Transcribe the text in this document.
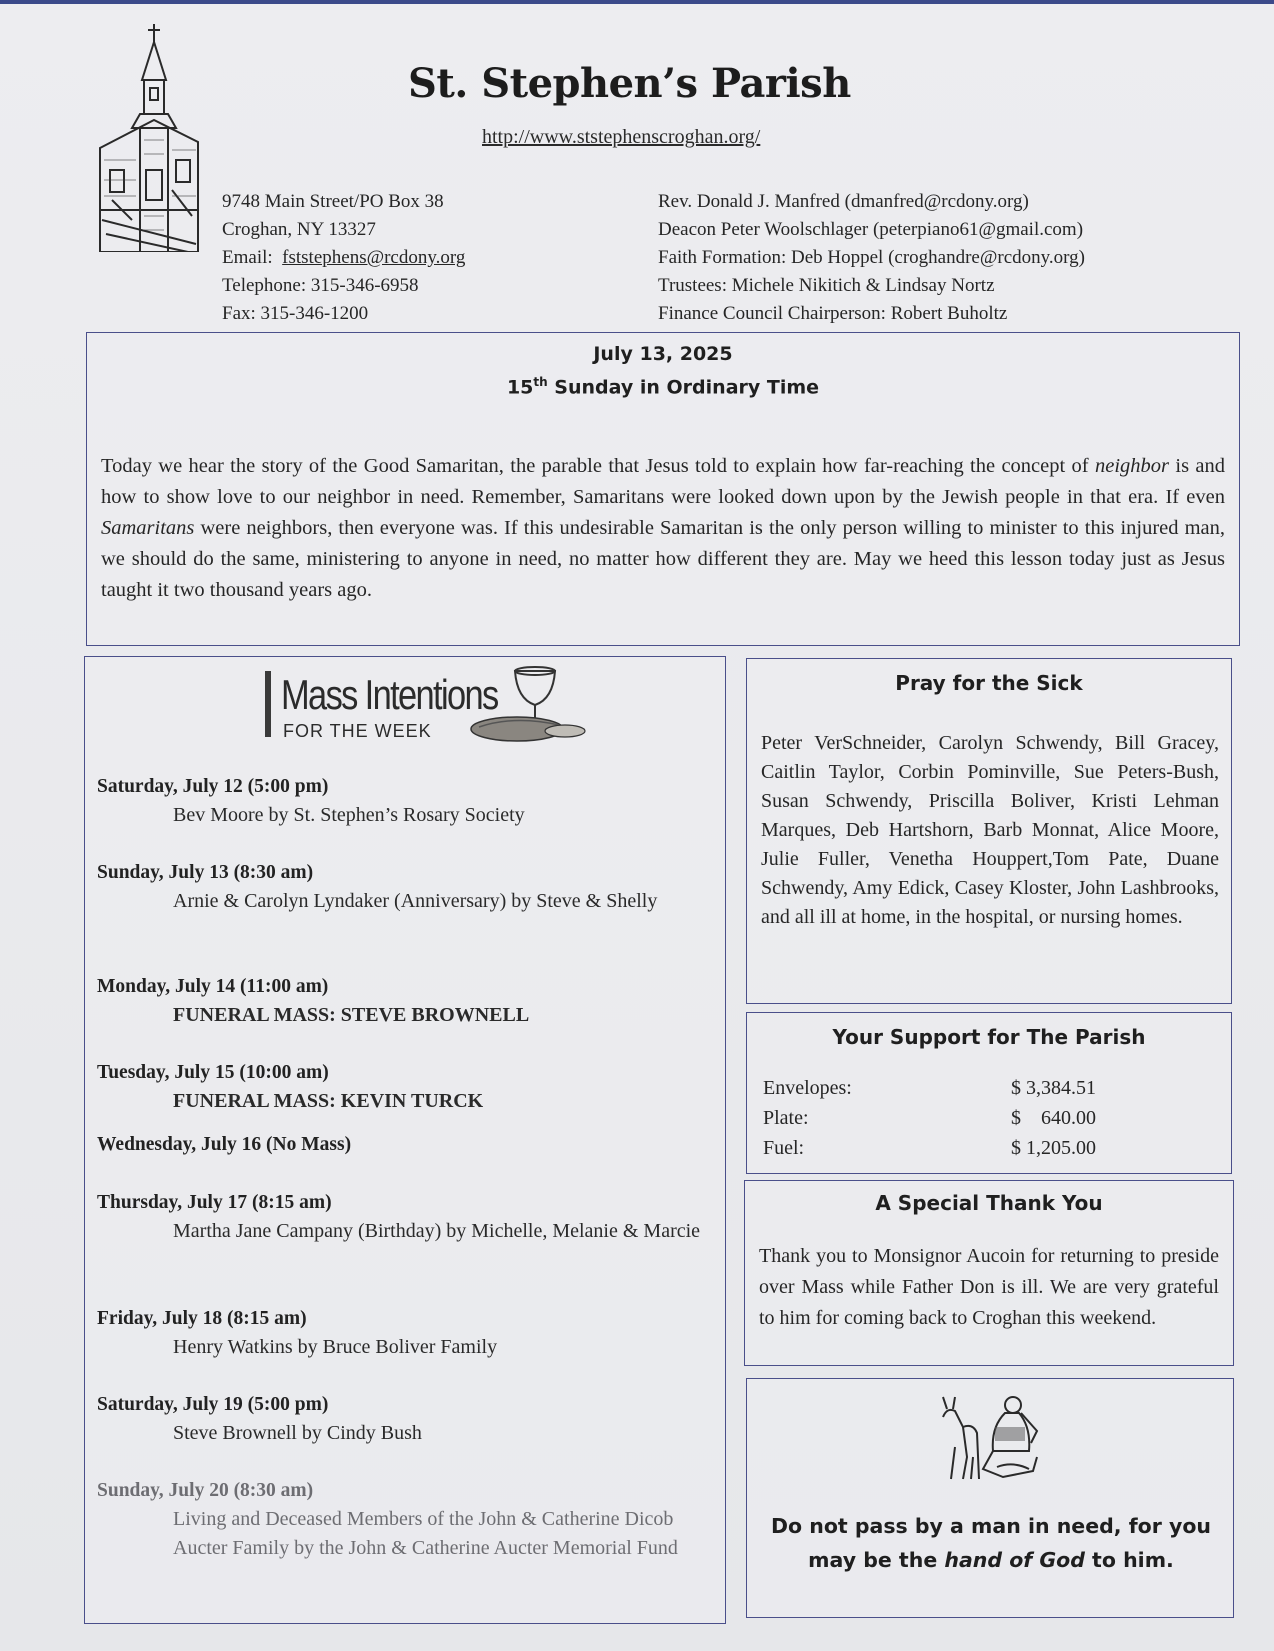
St. Stephen’s Parish
http://www.ststephenscroghan.org/
9748 Main Street/PO Box 38
Croghan, NY 13327
Email: fststephens@rcdony.org
Telephone: 315-346-6958
Fax: 315-346-1200
Rev. Donald J. Manfred (dmanfred@rcdony.org)
Deacon Peter Woolschlager (peterpiano61@gmail.com)
Faith Formation: Deb Hoppel (croghandre@rcdony.org)
Trustees: Michele Nikitich & Lindsay Nortz
Finance Council Chairperson: Robert Buholtz
July 13, 2025
15th Sunday in Ordinary Time
Today we hear the story of the Good Samaritan, the parable that Jesus told to explain how far-reaching the concept of neighbor is and how to show love to our neighbor in need. Remember, Samaritans were looked down upon by the Jewish people in that era. If even Samaritans were neighbors, then everyone was. If this undesirable Samaritan is the only person willing to minister to this injured man, we should do the same, ministering to anyone in need, no matter how different they are. May we heed this lesson today just as Jesus taught it two thousand years ago.
Mass Intentions
FOR THE WEEK
Saturday, July 12 (5:00 pm)
Bev Moore by St. Stephen’s Rosary Society
Sunday, July 13 (8:30 am)
Arnie & Carolyn Lyndaker (Anniversary) by Steve & Shelly
Monday, July 14 (11:00 am)
FUNERAL MASS: STEVE BROWNELL
Tuesday, July 15 (10:00 am)
FUNERAL MASS: KEVIN TURCK
Wednesday, July 16 (No Mass)
Thursday, July 17 (8:15 am)
Martha Jane Campany (Birthday) by Michelle, Melanie & Marcie
Friday, July 18 (8:15 am)
Henry Watkins by Bruce Boliver Family
Saturday, July 19 (5:00 pm)
Steve Brownell by Cindy Bush
Sunday, July 20 (8:30 am)
Living and Deceased Members of the John & Catherine Dicob Aucter Family by the John & Catherine Aucter Memorial Fund
Pray for the Sick
Peter VerSchneider, Carolyn Schwendy, Bill Gracey, Caitlin Taylor, Corbin Pominville, Sue Peters-Bush, Susan Schwendy, Priscilla Boliver, Kristi Lehman Marques, Deb Hartshorn, Barb Monnat, Alice Moore, Julie Fuller, Venetha Houppert,Tom Pate, Duane Schwendy, Amy Edick, Casey Kloster, John Lashbrooks, and all ill at home, in the hospital, or nursing homes.
Your Support for The Parish
Envelopes:	$ 3,384.51
Plate:	$    640.00
Fuel:	$ 1,205.00
A Special Thank You
Thank you to Monsignor Aucoin for returning to preside over Mass while Father Don is ill. We are very grateful to him for coming back to Croghan this weekend.
Do not pass by a man in need, for you may be the hand of God to him.
